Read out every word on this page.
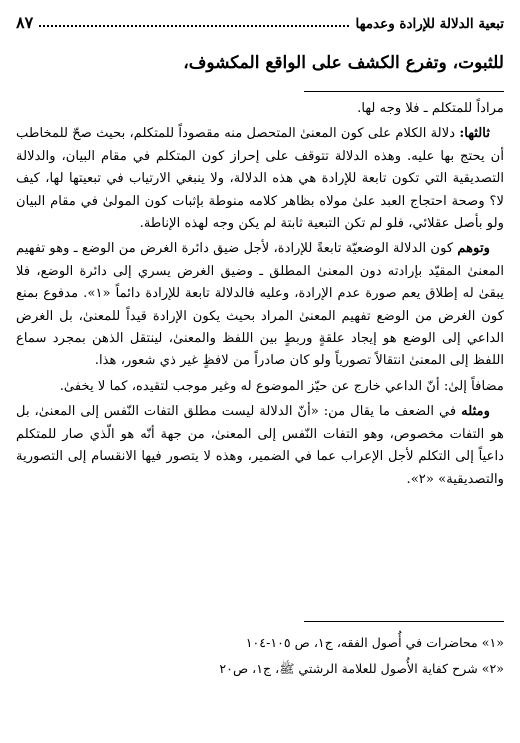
تبعية الدلالة للإرادة وعدمها
٨٧
للثبوت، وتفرع الكشف على الواقع المكشوف،

مراداً للمتكلم ـ فلا وجه لها.

ثالثها: دلالة الكلام على كون المعنىٰ المتحصل منه مقصوداً للمتكلم، بحيث صحّ للمخاطب أن يحتج بها عليه. وهذه الدلالة تتوقف على إحراز كون المتكلم في مقام البيان، والدلالة التصديقية التي تكون تابعة للإرادة هي هذه الدلالة، ولا ينبغي الارتياب في تبعيتها لها، كيف لا؟ وصحة احتجاج العبد علىٰ مولاه بظاهر كلامه منوطة بإثبات كون المولىٰ في مقام البيان ولو بأصل عقلائي، فلو لم تكن التبعية ثابتة لم يكن وجه لهذه الإناطة.

وتوهم كون الدلالة الوضعيّة تابعةً للإرادة، لأجل ضيق دائرة الغرض من الوضع ـ وهو تفهيم المعنىٰ المقيّد بإرادته دون المعنىٰ المطلق ـ وضيق الغرض يسري إلى دائرة الوضع، فلا يبقىٰ له إطلاق يعم صورة عدم الإرادة، وعليه فالدلالة تابعة للإرادة دائماً «١». مدفوع بمنع كون الغرض من الوضع تفهيم المعنىٰ المراد بحيث يكون الإرادة قيداً للمعنىٰ، بل الغرض الداعي إلى الوضع هو إيجاد علقةٍ وربطٍ بين اللفظ والمعنىٰ، لينتقل الذهن بمجرد سماع اللفظ إلى المعنىٰ انتقالاً تصورياً ولو كان صادراً من لافظٍ غير ذي شعور، هذا.

مضافاً إلىٰ: أنّ الداعي خارج عن حيّز الموضوع له وغير موجب لتقيده، كما لا يخفىٰ.

ومثله في الضعف ما يقال من: «أنّ الدلالة ليست مطلق التفات النّفس إلى المعنىٰ، بل هو التفات مخصوص، وهو التفات النّفس إلى المعنىٰ، من جهة أنّه هو الّذي صار للمتكلم داعياً إلى التكلم لأجل الإعراب عما في الضمير، وهذه لا يتصور فيها الانقسام إلى التصورية والتصديقية» «٢».

«١» محاضرات في أُصول الفقه، ج١، ص ١٠٥-١٠٤
«٢» شرح كفاية الأُصول للعلامة الرشتي ﷺ، ج١، ص٢٠
